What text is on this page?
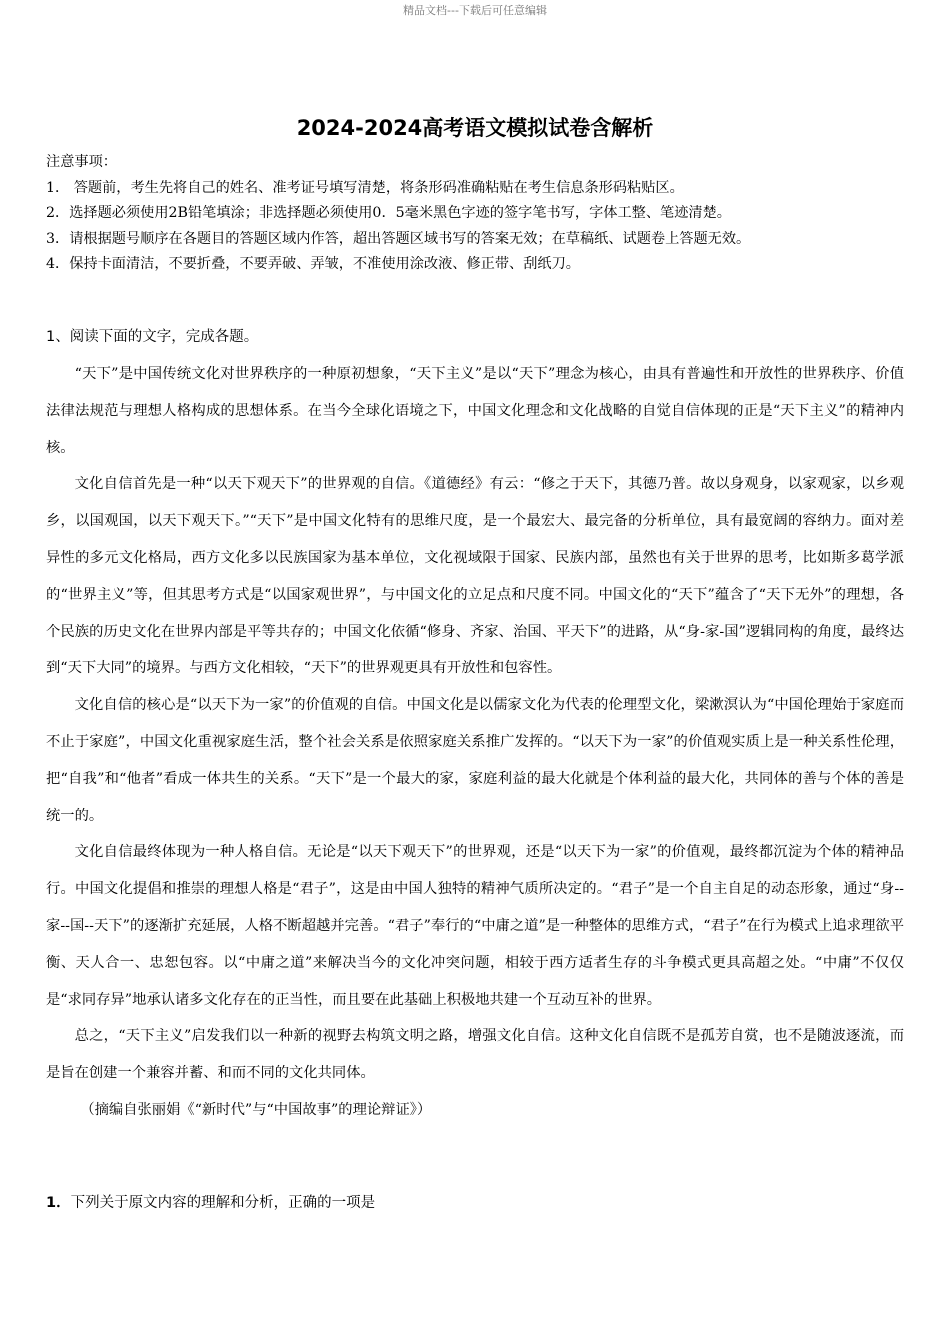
精品文档---下载后可任意编辑
2024-2024高考语文模拟试卷含解析
注意事项：
1． 答题前，考生先将自己的姓名、准考证号填写清楚，将条形码准确粘贴在考生信息条形码粘贴区。
2．选择题必须使用2B铅笔填涂；非选择题必须使用0．5毫米黑色字迹的签字笔书写，字体工整、笔迹清楚。
3．请根据题号顺序在各题目的答题区域内作答，超出答题区域书写的答案无效；在草稿纸、试题卷上答题无效。
4．保持卡面清洁，不要折叠，不要弄破、弄皱，不准使用涂改液、修正带、刮纸刀。
1、阅读下面的文字，完成各题。

“天下”是中国传统文化对世界秩序的一种原初想象，“天下主义”是以“天下”理念为核心，由具有普遍性和开放性的世界秩序、价值法律法规范与理想人格构成的思想体系。在当今全球化语境之下，中国文化理念和文化战略的自觉自信体现的正是“天下主义”的精神内核。

文化自信首先是一种“以天下观天下”的世界观的自信。《道德经》有云：“修之于天下，其德乃普。故以身观身，以家观家，以乡观乡，以国观国，以天下观天下。”“天下”是中国文化特有的思维尺度，是一个最宏大、最完备的分析单位，具有最宽阔的容纳力。面对差异性的多元文化格局，西方文化多以民族国家为基本单位，文化视域限于国家、民族内部，虽然也有关于世界的思考，比如斯多葛学派的“世界主义”等，但其思考方式是“以国家观世界”，与中国文化的立足点和尺度不同。中国文化的“天下”蕴含了“天下无外”的理想，各个民族的历史文化在世界内部是平等共存的；中国文化依循“修身、齐家、治国、平天下”的进路，从“身-家-国”逻辑同构的角度，最终达到“天下大同”的境界。与西方文化相较，“天下”的世界观更具有开放性和包容性。

文化自信的核心是“以天下为一家”的价值观的自信。中国文化是以儒家文化为代表的伦理型文化，梁漱溟认为“中国伦理始于家庭而不止于家庭”，中国文化重视家庭生活，整个社会关系是依照家庭关系推广发挥的。“以天下为一家”的价值观实质上是一种关系性伦理，把“自我”和“他者”看成一体共生的关系。“天下”是一个最大的家，家庭利益的最大化就是个体利益的最大化，共同体的善与个体的善是统一的。

文化自信最终体现为一种人格自信。无论是“以天下观天下”的世界观，还是“以天下为一家”的价值观，最终都沉淀为个体的精神品行。中国文化提倡和推崇的理想人格是“君子”，这是由中国人独特的精神气质所决定的。“君子”是一个自主自足的动态形象，通过“身--家--国--天下”的逐渐扩充延展，人格不断超越并完善。“君子”奉行的“中庸之道”是一种整体的思维方式，“君子”在行为模式上追求理欲平衡、天人合一、忠恕包容。以“中庸之道”来解决当今的文化冲突问题，相较于西方适者生存的斗争模式更具高超之处。“中庸”不仅仅是“求同存异”地承认诸多文化存在的正当性，而且要在此基础上积极地共建一个互动互补的世界。

总之，“天下主义”启发我们以一种新的视野去构筑文明之路，增强文化自信。这种文化自信既不是孤芳自赏，也不是随波逐流，而是旨在创建一个兼容并蓄、和而不同的文化共同体。

（摘编自张丽娟《“新时代”与“中国故事”的理论辩证》）

1．下列关于原文内容的理解和分析，正确的一项是
